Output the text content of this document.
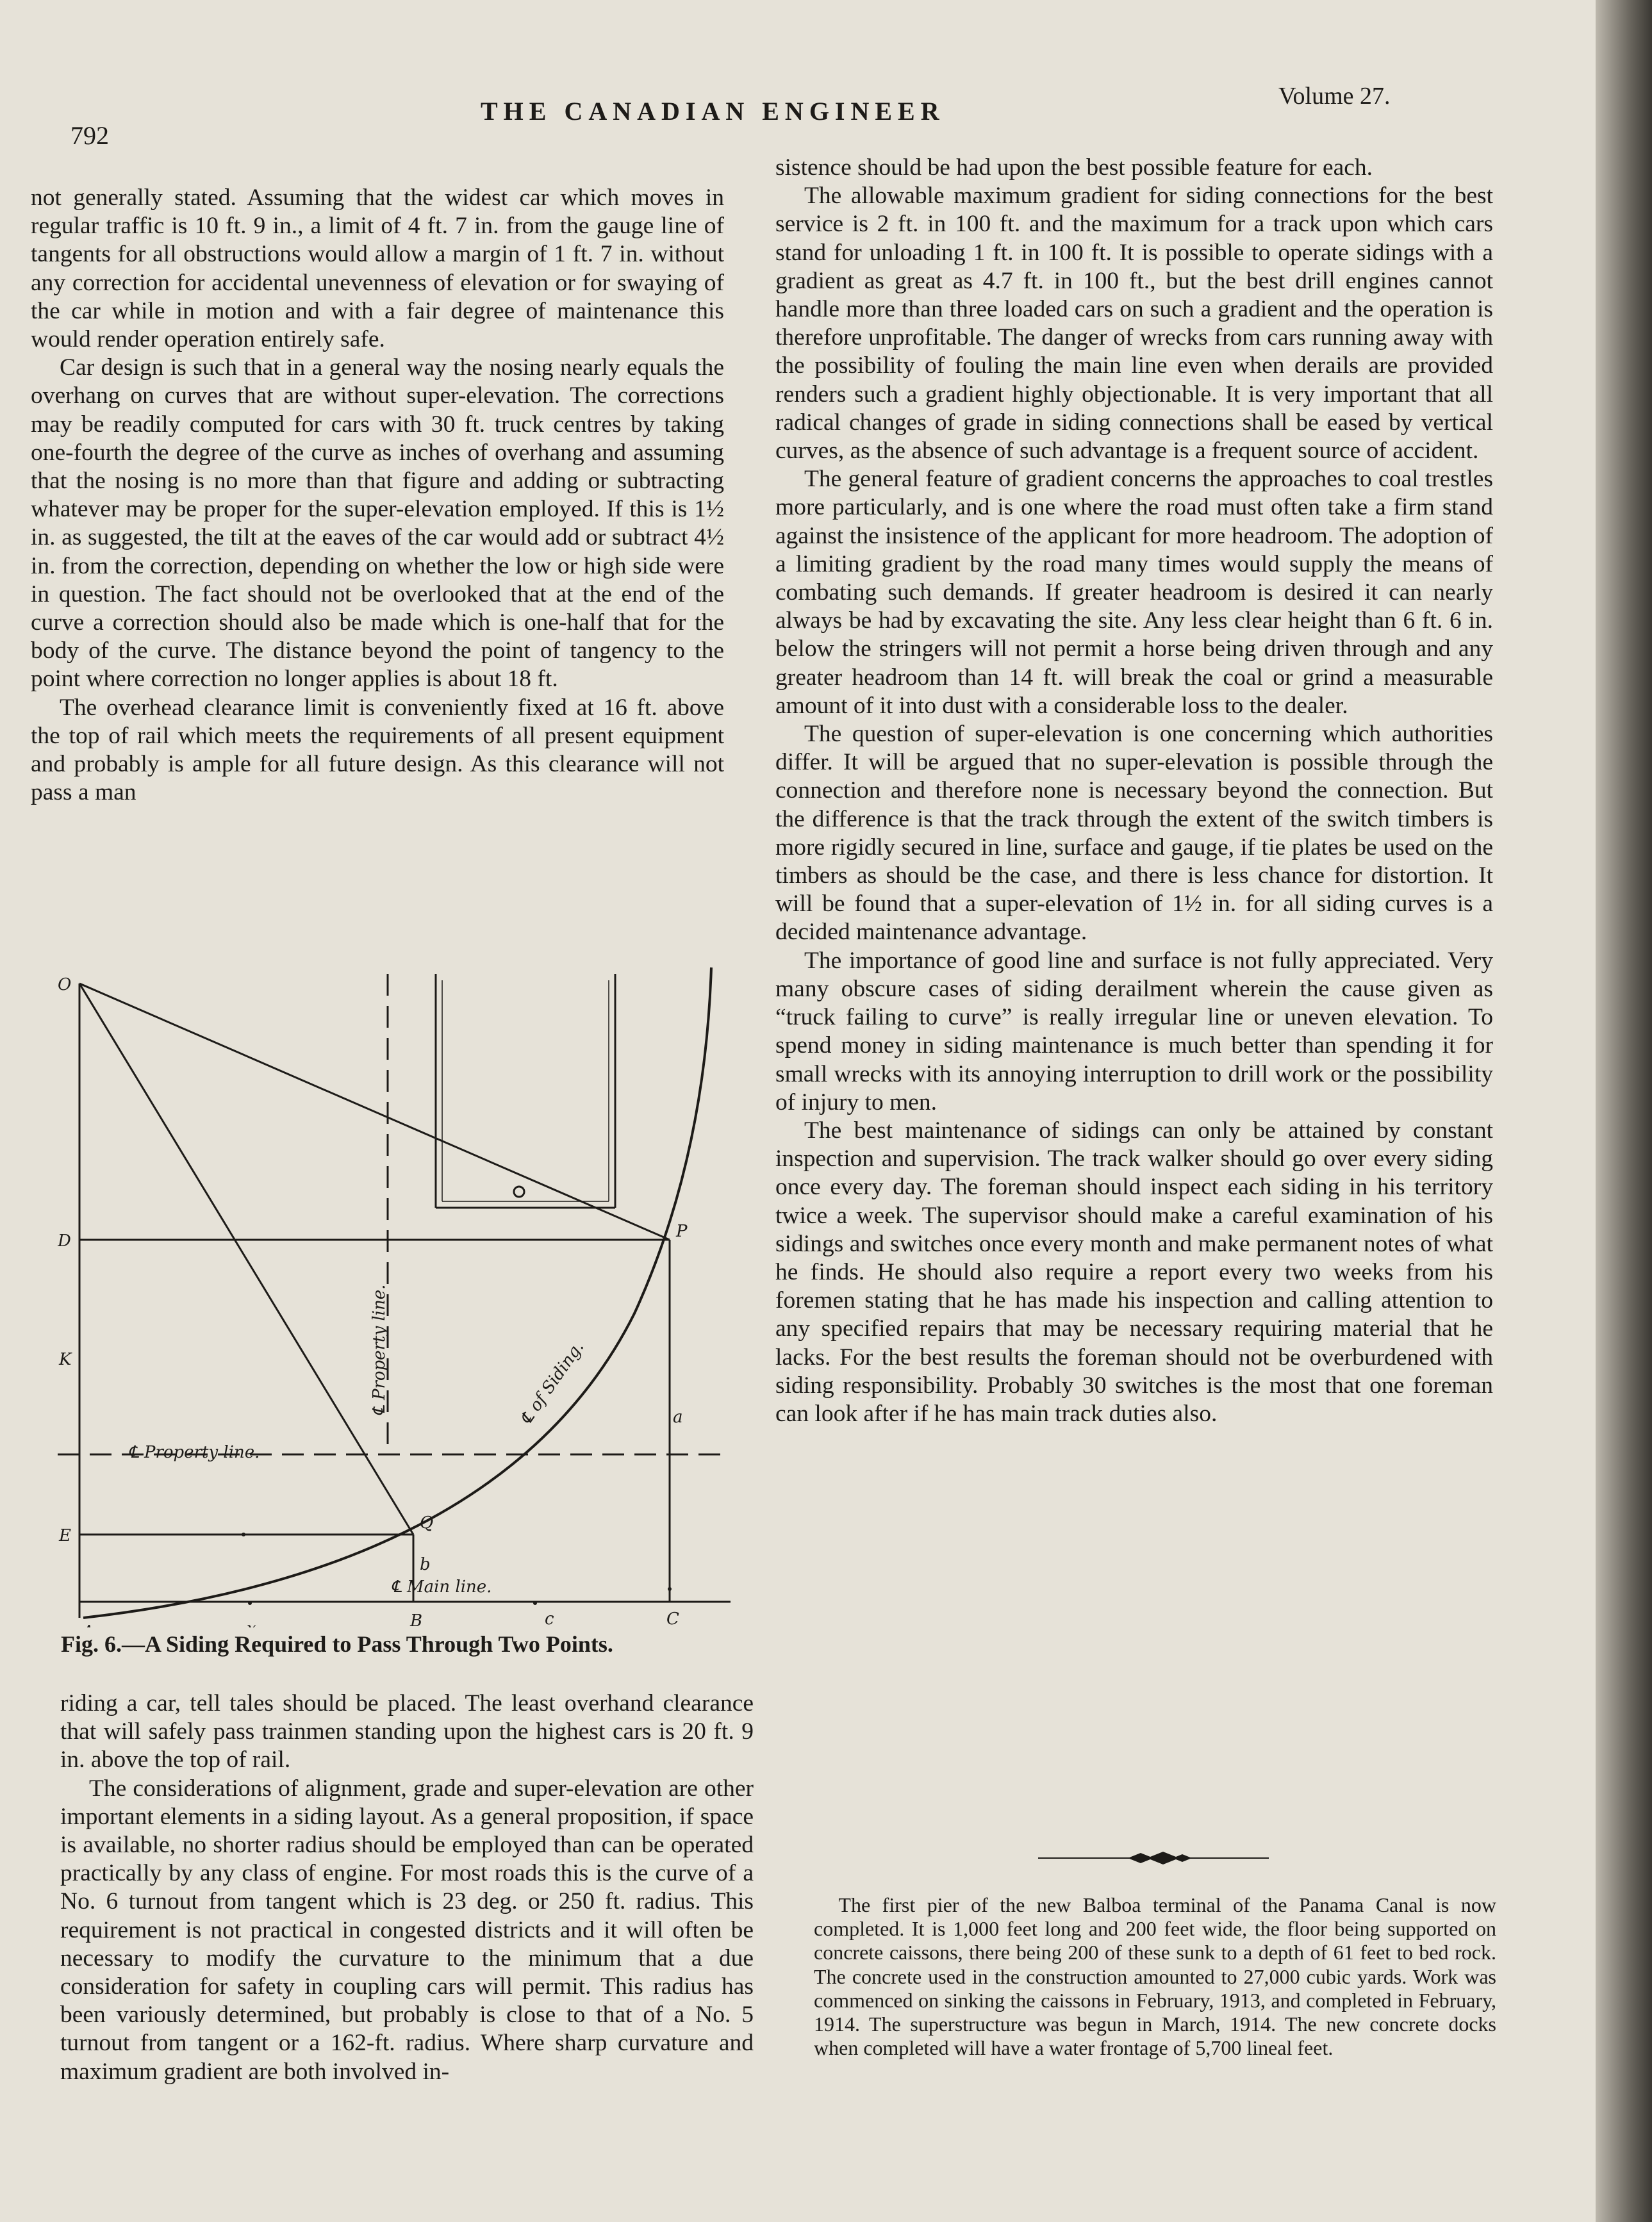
792
THE CANADIAN ENGINEER
Volume 27.

not generally stated. Assuming that the widest car which moves in regular traffic is 10 ft. 9 in., a limit of 4 ft. 7 in. from the gauge line of tangents for all obstructions would allow a margin of 1 ft. 7 in. without any correction for accidental unevenness of elevation or for swaying of the car while in motion and with a fair degree of maintenance this would render operation entirely safe.

Car design is such that in a general way the nosing nearly equals the overhang on curves that are without super-elevation. The corrections may be readily computed for cars with 30 ft. truck centres by taking one-fourth the degree of the curve as inches of overhang and assuming that the nosing is no more than that figure and adding or subtracting whatever may be proper for the super-elevation employed. If this is 1½ in. as suggested, the tilt at the eaves of the car would add or subtract 4½ in. from the correction, depending on whether the low or high side were in question. The fact should not be overlooked that at the end of the curve a correction should also be made which is one-half that for the body of the curve. The distance beyond the point of tangency to the point where correction no longer applies is about 18 ft.

The overhead clearance limit is conveniently fixed at 16 ft. above the top of rail which meets the requirements of all present equipment and probably is ample for all future design. As this clearance will not pass a man

O
D
K
E
B
b
c	C
P
Q
a
℄ Property line.
℄ Main line.
℄ Property line.	℄ of Siding.
Fig. 6.—A Siding Required to Pass Through Two Points.

riding a car, tell tales should be placed. The least overhand clearance that will safely pass trainmen standing upon the highest cars is 20 ft. 9 in. above the top of rail.

The considerations of alignment, grade and super-elevation are other important elements in a siding layout. As a general proposition, if space is available, no shorter radius should be employed than can be operated practically by any class of engine. For most roads this is the curve of a No. 6 turnout from tangent which is 23 deg. or 250 ft. radius. This requirement is not practical in congested districts and it will often be necessary to modify the curvature to the minimum that a due consideration for safety in coupling cars will permit. This radius has been variously determined, but probably is close to that of a No. 5 turnout from tangent or a 162-ft. radius. Where sharp curvature and maximum gradient are both involved in-

sistence should be had upon the best possible feature for each.

The allowable maximum gradient for siding connections for the best service is 2 ft. in 100 ft. and the maximum for a track upon which cars stand for unloading 1 ft. in 100 ft. It is possible to operate sidings with a gradient as great as 4.7 ft. in 100 ft., but the best drill engines cannot handle more than three loaded cars on such a gradient and the operation is therefore unprofitable. The danger of wrecks from cars running away with the possibility of fouling the main line even when derails are provided renders such a gradient highly objectionable. It is very important that all radical changes of grade in siding connections shall be eased by vertical curves, as the absence of such advantage is a frequent source of accident.

The general feature of gradient concerns the approaches to coal trestles more particularly, and is one where the road must often take a firm stand against the insistence of the applicant for more headroom. The adoption of a limiting gradient by the road many times would supply the means of combating such demands. If greater headroom is desired it can nearly always be had by excavating the site. Any less clear height than 6 ft. 6 in. below the stringers will not permit a horse being driven through and any greater headroom than 14 ft. will break the coal or grind a measurable amount of it into dust with a considerable loss to the dealer.

The question of super-elevation is one concerning which authorities differ. It will be argued that no super-elevation is possible through the connection and therefore none is necessary beyond the connection. But the difference is that the track through the extent of the switch timbers is more rigidly secured in line, surface and gauge, if tie plates be used on the timbers as should be the case, and there is less chance for distortion. It will be found that a super-elevation of 1½ in. for all siding curves is a decided maintenance advantage.

The importance of good line and surface is not fully appreciated. Very many obscure cases of siding derailment wherein the cause given as “truck failing to curve” is really irregular line or uneven elevation. To spend money in siding maintenance is much better than spending it for small wrecks with its annoying interruption to drill work or the possibility of injury to men.

The best maintenance of sidings can only be attained by constant inspection and supervision. The track walker should go over every siding once every day. The foreman should inspect each siding in his territory twice a week. The supervisor should make a careful examination of his sidings and switches once every month and make permanent notes of what he finds. He should also require a report every two weeks from his foremen stating that he has made his inspection and calling attention to any specified repairs that may be necessary requiring material that he lacks. For the best results the foreman should not be overburdened with siding responsibility. Probably 30 switches is the most that one foreman can look after if he has main track duties also.

The first pier of the new Balboa terminal of the Panama Canal is now completed. It is 1,000 feet long and 200 feet wide, the floor being supported on concrete caissons, there being 200 of these sunk to a depth of 61 feet to bed rock. The concrete used in the construction amounted to 27,000 cubic yards. Work was commenced on sinking the caissons in February, 1913, and completed in February, 1914. The superstructure was begun in March, 1914. The new concrete docks when completed will have a water frontage of 5,700 lineal feet.
